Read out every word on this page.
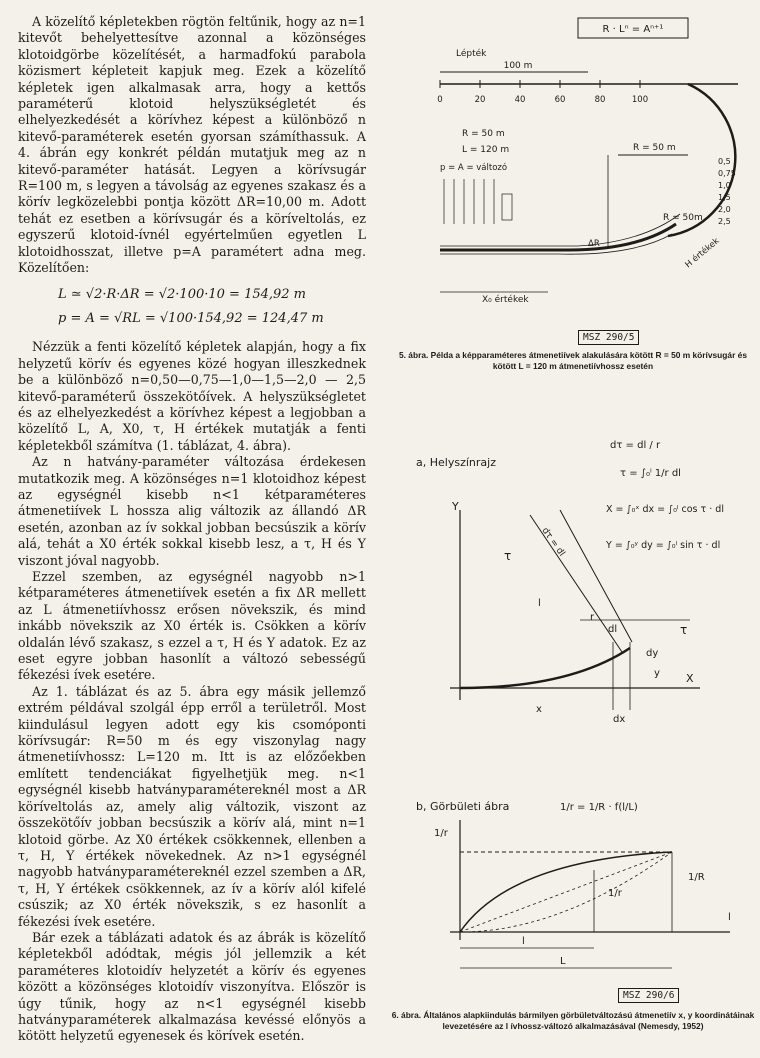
A közelítő képletekben rögtön feltűnik, hogy az n=1 kitevőt behelyettesítve azonnal a közönséges klotoidgörbe közelítését, a harmadfokú parabola közismert képleteit kapjuk meg. Ezek a közelítő képletek igen alkalmasak arra, hogy a kettős paraméterű klotoid helyszükségletét és elhelyezkedését a körívhez képest a különböző n kitevő-paraméterek esetén gyorsan számíthassuk. A 4. ábrán egy konkrét példán mutatjuk meg az n kitevő-paraméter hatását. Legyen a körívsugár R=100 m, s legyen a távolság az egyenes szakasz és a körív legközelebbi pontja között ΔR=10,00 m. Adott tehát ez esetben a körívsugár és a köríveltolás, ez egyszerű klotoid-ívnél egyértelműen egyetlen L klotoidhosszat, illetve p=A paramétert adna meg. Közelítően:

L ≃ √2·R·ΔR = √2·100·10 = 154,92 m
p = A = √RL = √100·154,92 = 124,47 m

Nézzük a fenti közelítő képletek alapján, hogy a fix helyzetű körív és egyenes közé hogyan illeszkednek be a különböző n=0,50—0,75—1,0—1,5—2,0 — 2,5 kitevő-paraméterű összekötőívek. A helyszükségletet és az elhelyezkedést a körívhez képest a legjobban a közelítő L, A, X0, τ, H értékek mutatják a fenti képletekből számítva (1. táblázat, 4. ábra).

Az n hatvány-paraméter változása érdekesen mutatkozik meg. A közönséges n=1 klotoidhoz képest az egységnél kisebb n<1 kétparaméteres átmenetiívek L hossza alig változik az állandó ΔR esetén, azonban az ív sokkal jobban becsúszik a körív alá, tehát a X0 érték sokkal kisebb lesz, a τ, H és Y viszont jóval nagyobb.

Ezzel szemben, az egységnél nagyobb n>1 kétparaméteres átmenetiívek esetén a fix ΔR mellett az L átmenetiívhossz erősen növekszik, és mind inkább növekszik az X0 érték is. Csökken a körív oldalán lévő szakasz, s ezzel a τ, H és Y adatok. Ez az eset egyre jobban hasonlít a változó sebességű fékezési ívek esetére.

Az 1. táblázat és az 5. ábra egy másik jellemző extrém példával szolgál épp erről a területről. Most kiindulásul legyen adott egy kis csomóponti körívsugár: R=50 m és egy viszonylag nagy átmenetiívhossz: L=120 m. Itt is az előzőekben említett tendenciákat figyelhetjük meg. n<1 egységnél kisebb hatványparamétereknél most a ΔR köríveltolás az, amely alig változik, viszont az összekötőív jobban becsúszik a körív alá, mint n=1 klotoid görbe. Az X0 értékek csökkennek, ellenben a τ, H, Y értékek növekednek. Az n>1 egységnél nagyobb hatványparamétereknél ezzel szemben a ΔR, τ, H, Y értékek csökkennek, az ív a körív alól kifelé csúszik; az X0 érték növekszik, s ez hasonlít a fékezési ívek esetére.

Bár ezek a táblázati adatok és az ábrák is közelítő képletekből adódtak, mégis jól jellemzik a két paraméteres klotoidív helyzetét a körív és egyenes között a közönséges klotoidív viszonyítva. Először is úgy tűnik, hogy az n<1 egységnél kisebb hatványparaméterek alkalmazása kevéssé előnyös a kötött helyzetű egyenesek és körívek esetén.

R · Lⁿ = Aⁿ⁺¹
Lépték
100 m
0	20	40	60	80	100
R = 50 m
L = 120 m
p = A = változó
R = 50 m
R = 50m
0,5
0,75
1,0
1,5
2,0
2,5
ΔR	H értékek
X₀ értékek
MSZ 290/5
5. ábra. Példa a képparaméteres átmenetiívek alakulására kötött R = 50 m körívsugár és kötött L = 120 m átmenetiívhossz esetén
a, Helyszínrajz
dτ = dl / r
τ = ∫₀ˡ 1/r dl
X = ∫₀ˣ dx = ∫₀ˡ cos τ · dl
Y = ∫₀ʸ dy = ∫₀ˡ sin τ · dl
Y
X
l
r
dl
τ
τ
dτ = dl
dy
y
x
dx
b, Görbületi ábra	1/r = 1/R · f(l/L)
1/r
1/R
1/r
l
L
l
MSZ 290/6
6. ábra. Általános alapkiindulás bármilyen görbületváltozású átmenetiív x, y koordinátáinak levezetésére az l ívhossz-változó alkalmazásával (Nemesdy, 1952)
